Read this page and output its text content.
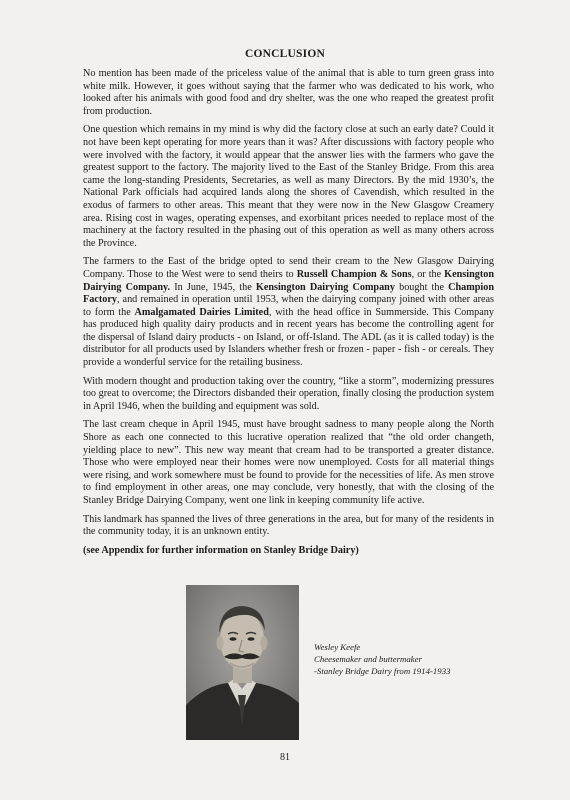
CONCLUSION

No mention has been made of the priceless value of the animal that is able to turn green grass into white milk. However, it goes without saying that the farmer who was dedicated to his work, who looked after his animals with good food and dry shelter, was the one who reaped the greatest profit from production.

One question which remains in my mind is why did the factory close at such an early date? Could it not have been kept operating for more years than it was? After discussions with factory people who were involved with the factory, it would appear that the answer lies with the farmers who gave the greatest support to the factory. The majority lived to the East of the Stanley Bridge. From this area came the long-standing Presidents, Secretaries, as well as many Directors. By the mid 1930’s, the National Park officials had acquired lands along the shores of Cavendish, which resulted in the exodus of farmers to other areas. This meant that they were now in the New Glasgow Creamery area. Rising cost in wages, operating expenses, and exorbitant prices needed to replace most of the machinery at the factory resulted in the phasing out of this operation as well as many others across the Province.

The farmers to the East of the bridge opted to send their cream to the New Glasgow Dairying Company. Those to the West were to send theirs to Russell Champion & Sons, or the Kensington Dairying Company. In June, 1945, the Kensington Dairying Company bought the Champion Factory, and remained in operation until 1953, when the dairying company joined with other areas to form the Amalgamated Dairies Limited, with the head office in Summerside. This Company has produced high quality dairy products and in recent years has become the controlling agent for the dispersal of Island dairy products - on Island, or off-Island. The ADL (as it is called today) is the distributor for all products used by Islanders whether fresh or frozen - paper - fish - or cereals. They provide a wonderful service for the retailing business.

With modern thought and production taking over the country, “like a storm”, modernizing pressures too great to overcome; the Directors disbanded their operation, finally closing the production system in April 1946, when the building and equipment was sold.

The last cream cheque in April 1945, must have brought sadness to many people along the North Shore as each one connected to this lucrative operation realized that “the old order changeth, yielding place to new”. This new way meant that cream had to be transported a greater distance. Those who were employed near their homes were now unemployed. Costs for all material things were rising, and work somewhere must be found to provide for the necessities of life. As men strove to find employment in other areas, one may conclude, very honestly, that with the closing of the Stanley Bridge Dairying Company, went one link in keeping community life active.

This landmark has spanned the lives of three generations in the area, but for many of the residents in the community today, it is an unknown entity.

(see Appendix for further information on Stanley Bridge Dairy)
Wesley Keefe
Cheesemaker and buttermaker
-Stanley Bridge Dairy from 1914-1933
81
